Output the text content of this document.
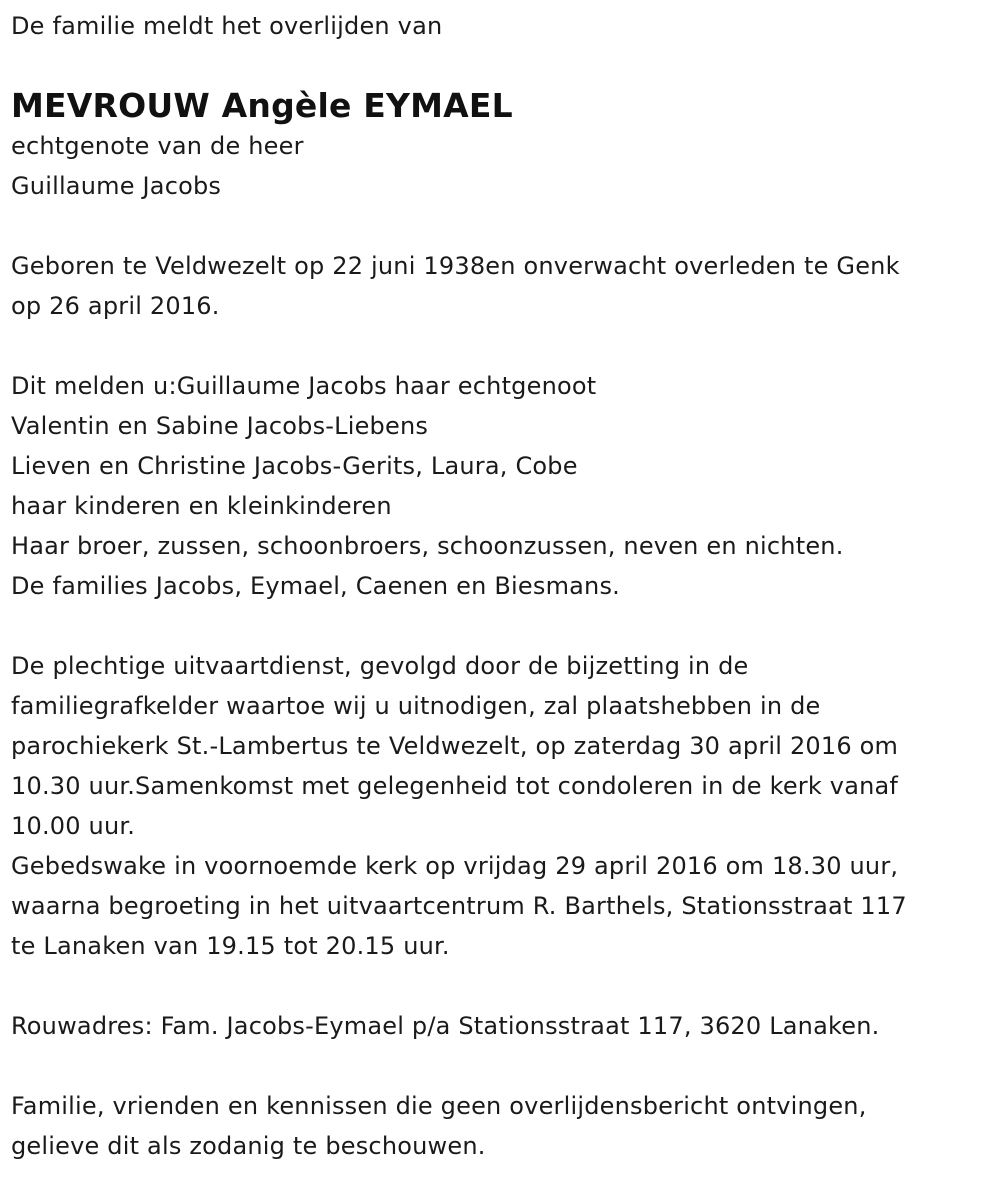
De familie meldt het overlijden van
MEVROUW Angèle EYMAEL
echtgenote van de heer
Guillaume Jacobs
Geboren te Veldwezelt op 22 juni 1938en onverwacht overleden te Genk
op 26 april 2016.
Dit melden u:Guillaume Jacobs haar echtgenoot
Valentin en Sabine Jacobs-Liebens
Lieven en Christine Jacobs-Gerits, Laura, Cobe
haar kinderen en kleinkinderen
Haar broer, zussen, schoonbroers, schoonzussen, neven en nichten.
De families Jacobs, Eymael, Caenen en Biesmans.
De plechtige uitvaartdienst, gevolgd door de bijzetting in de
familiegrafkelder waartoe wij u uitnodigen, zal plaatshebben in de
parochiekerk St.-Lambertus te Veldwezelt, op zaterdag 30 april 2016 om
10.30 uur.Samenkomst met gelegenheid tot condoleren in de kerk vanaf
10.00 uur.
Gebedswake in voornoemde kerk op vrijdag 29 april 2016 om 18.30 uur,
waarna begroeting in het uitvaartcentrum R. Barthels, Stationsstraat 117
te Lanaken van 19.15 tot 20.15 uur.
Rouwadres: Fam. Jacobs-Eymael p/a Stationsstraat 117, 3620 Lanaken.
Familie, vrienden en kennissen die geen overlijdensbericht ontvingen,
gelieve dit als zodanig te beschouwen.
